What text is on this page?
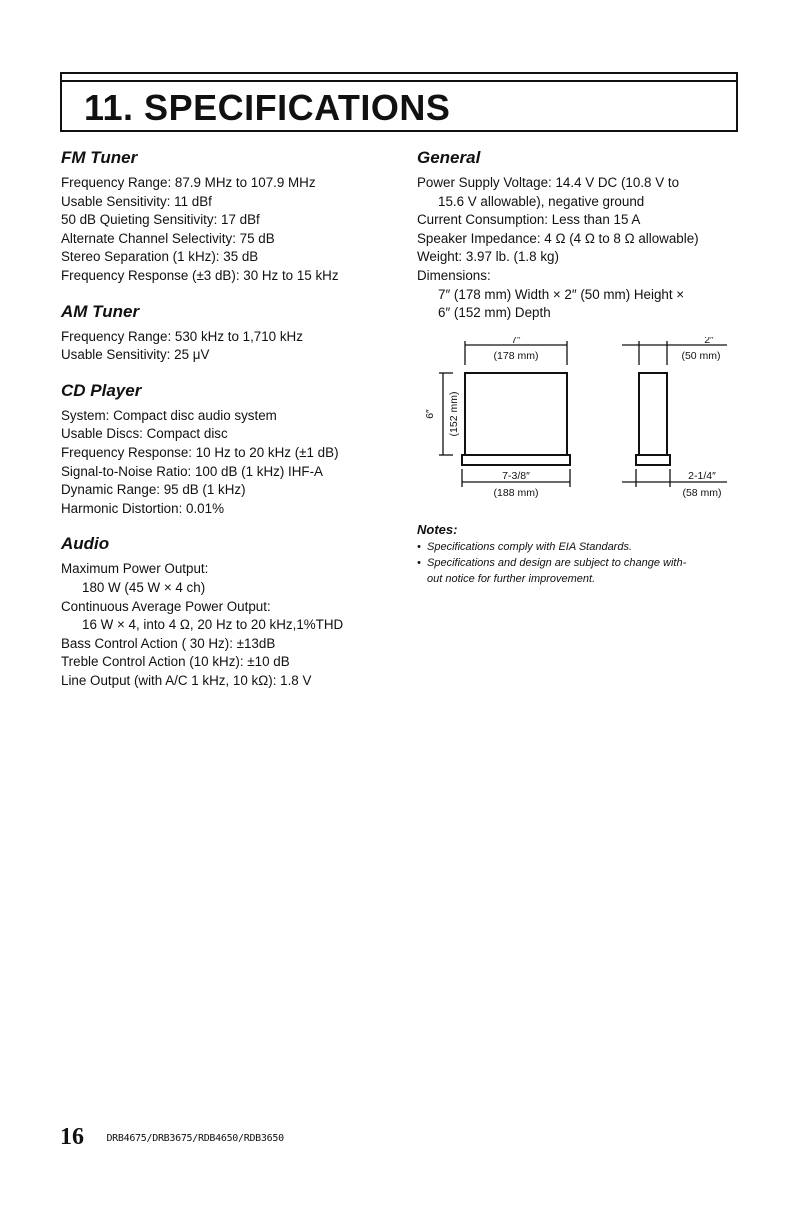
11. SPECIFICATIONS
FM Tuner
Frequency Range: 87.9 MHz to 107.9 MHz
Usable Sensitivity: 11 dBf
50 dB Quieting Sensitivity: 17 dBf
Alternate Channel Selectivity: 75 dB
Stereo Separation (1 kHz): 35 dB
Frequency Response (±3 dB): 30 Hz to 15 kHz
AM Tuner
Frequency Range: 530 kHz to 1,710 kHz
Usable Sensitivity: 25 μV
CD Player
System: Compact disc audio system
Usable Discs: Compact disc
Frequency Response: 10 Hz to 20 kHz (±1 dB)
Signal-to-Noise Ratio: 100 dB (1 kHz) IHF-A
Dynamic Range: 95 dB (1 kHz)
Harmonic Distortion: 0.01%
Audio
Maximum Power Output:
180 W (45 W × 4 ch)
Continuous Average Power Output:
16 W × 4, into 4 Ω, 20 Hz to 20 kHz,1%THD
Bass Control Action ( 30 Hz): ±13dB
Treble Control Action (10 kHz): ±10 dB
Line Output (with A/C 1 kHz, 10 kΩ): 1.8 V
General
Power Supply Voltage: 14.4 V DC (10.8 V to
15.6 V allowable), negative ground
Current Consumption: Less than 15 A
Speaker Impedance: 4 Ω (4 Ω to 8 Ω allowable)
Weight: 3.97 lb. (1.8 kg)
Dimensions:
7″ (178 mm) Width × 2″ (50 mm) Height ×
6″ (152 mm) Depth
7″
(178 mm)
7-3/8″
(188 mm)
6″ (152 mm)
2″
(50 mm)
2-1/4″
(58 mm)
Notes:
• Specifications comply with EIA Standards.
• Specifications and design are subject to change with-
out notice for further improvement.
16 DRB4675/DRB3675/RDB4650/RDB3650
